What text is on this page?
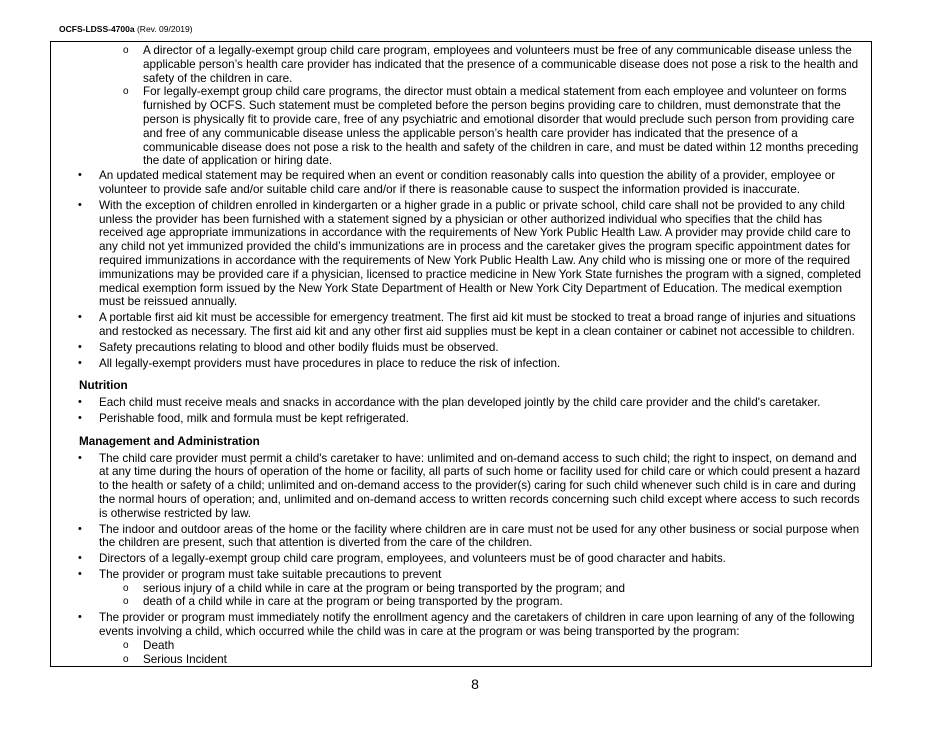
OCFS-LDSS-4700a (Rev. 09/2019)
o A director of a legally-exempt group child care program, employees and volunteers must be free of any communicable disease unless the applicable person’s health care provider has indicated that the presence of a communicable disease does not pose a risk to the health and safety of the children in care.
o For legally-exempt group child care programs, the director must obtain a medical statement from each employee and volunteer on forms furnished by OCFS. Such statement must be completed before the person begins providing care to children, must demonstrate that the person is physically fit to provide care, free of any psychiatric and emotional disorder that would preclude such person from providing care and free of any communicable disease unless the applicable person’s health care provider has indicated that the presence of a communicable disease does not pose a risk to the health and safety of the children in care, and must be dated within 12 months preceding the date of application or hiring date.
• An updated medical statement may be required when an event or condition reasonably calls into question the ability of a provider, employee or volunteer to provide safe and/or suitable child care and/or if there is reasonable cause to suspect the information provided is inaccurate.
• With the exception of children enrolled in kindergarten or a higher grade in a public or private school, child care shall not be provided to any child unless the provider has been furnished with a statement signed by a physician or other authorized individual who specifies that the child has received age appropriate immunizations in accordance with the requirements of New York Public Health Law. A provider may provide child care to any child not yet immunized provided the child’s immunizations are in process and the caretaker gives the program specific appointment dates for required immunizations in accordance with the requirements of New York Public Health Law. Any child who is missing one or more of the required immunizations may be provided care if a physician, licensed to practice medicine in New York State furnishes the program with a signed, completed medical exemption form issued by the New York State Department of Health or New York City Department of Education. The medical exemption must be reissued annually.
• A portable first aid kit must be accessible for emergency treatment. The first aid kit must be stocked to treat a broad range of injuries and situations and restocked as necessary. The first aid kit and any other first aid supplies must be kept in a clean container or cabinet not accessible to children.
• Safety precautions relating to blood and other bodily fluids must be observed.
• All legally-exempt providers must have procedures in place to reduce the risk of infection.
Nutrition
• Each child must receive meals and snacks in accordance with the plan developed jointly by the child care provider and the child's caretaker.
• Perishable food, milk and formula must be kept refrigerated.
Management and Administration
• The child care provider must permit a child's caretaker to have: unlimited and on-demand access to such child; the right to inspect, on demand and at any time during the hours of operation of the home or facility, all parts of such home or facility used for child care or which could present a hazard to the health or safety of a child; unlimited and on-demand access to the provider(s) caring for such child whenever such child is in care and during the normal hours of operation; and, unlimited and on-demand access to written records concerning such child except where access to such records is otherwise restricted by law.
• The indoor and outdoor areas of the home or the facility where children are in care must not be used for any other business or social purpose when the children are present, such that attention is diverted from the care of the children.
• Directors of a legally-exempt group child care program, employees, and volunteers must be of good character and habits.
• The provider or program must take suitable precautions to prevent
o serious injury of a child while in care at the program or being transported by the program; and
o death of a child while in care at the program or being transported by the program.
• The provider or program must immediately notify the enrollment agency and the caretakers of children in care upon learning of any of the following events involving a child, which occurred while the child was in care at the program or was being transported by the program:
o Death
o Serious Incident
8
